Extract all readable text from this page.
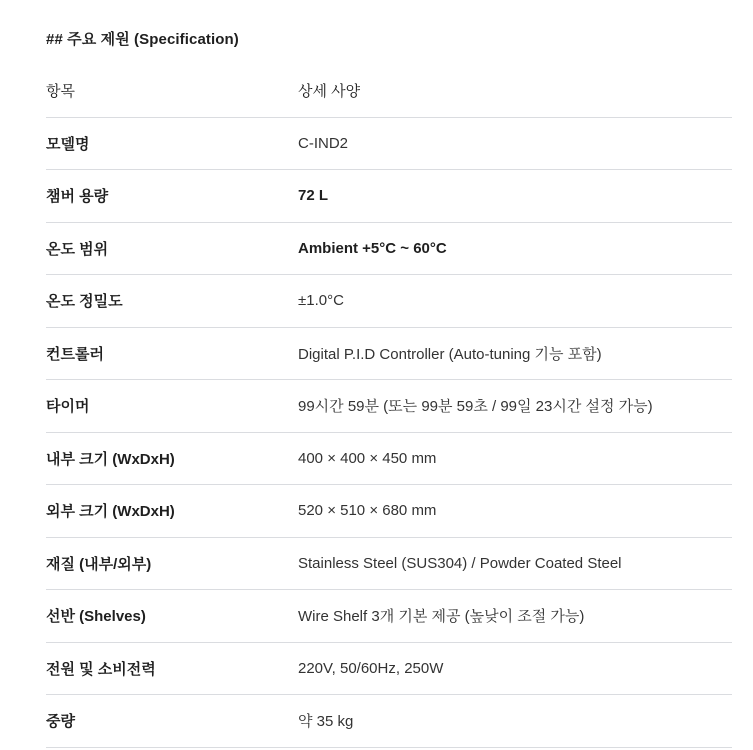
## 주요 제원 (Specification)
항목	상세 사양
모델명	C-IND2
챔버 용량	72 L
온도 범위	Ambient +5°C ~ 60°C
온도 정밀도	±1.0°C
컨트롤러	Digital P.I.D Controller (Auto-tuning 기능 포함)
타이머	99시간 59분 (또는 99분 59초 / 99일 23시간 설정 가능)
내부 크기 (WxDxH)	400 × 400 × 450 mm
외부 크기 (WxDxH)	520 × 510 × 680 mm
재질 (내부/외부)	Stainless Steel (SUS304) / Powder Coated Steel
선반 (Shelves)	Wire Shelf 3개 기본 제공 (높낮이 조절 가능)
전원 및 소비전력	220V, 50/60Hz, 250W
중량	약 35 kg
